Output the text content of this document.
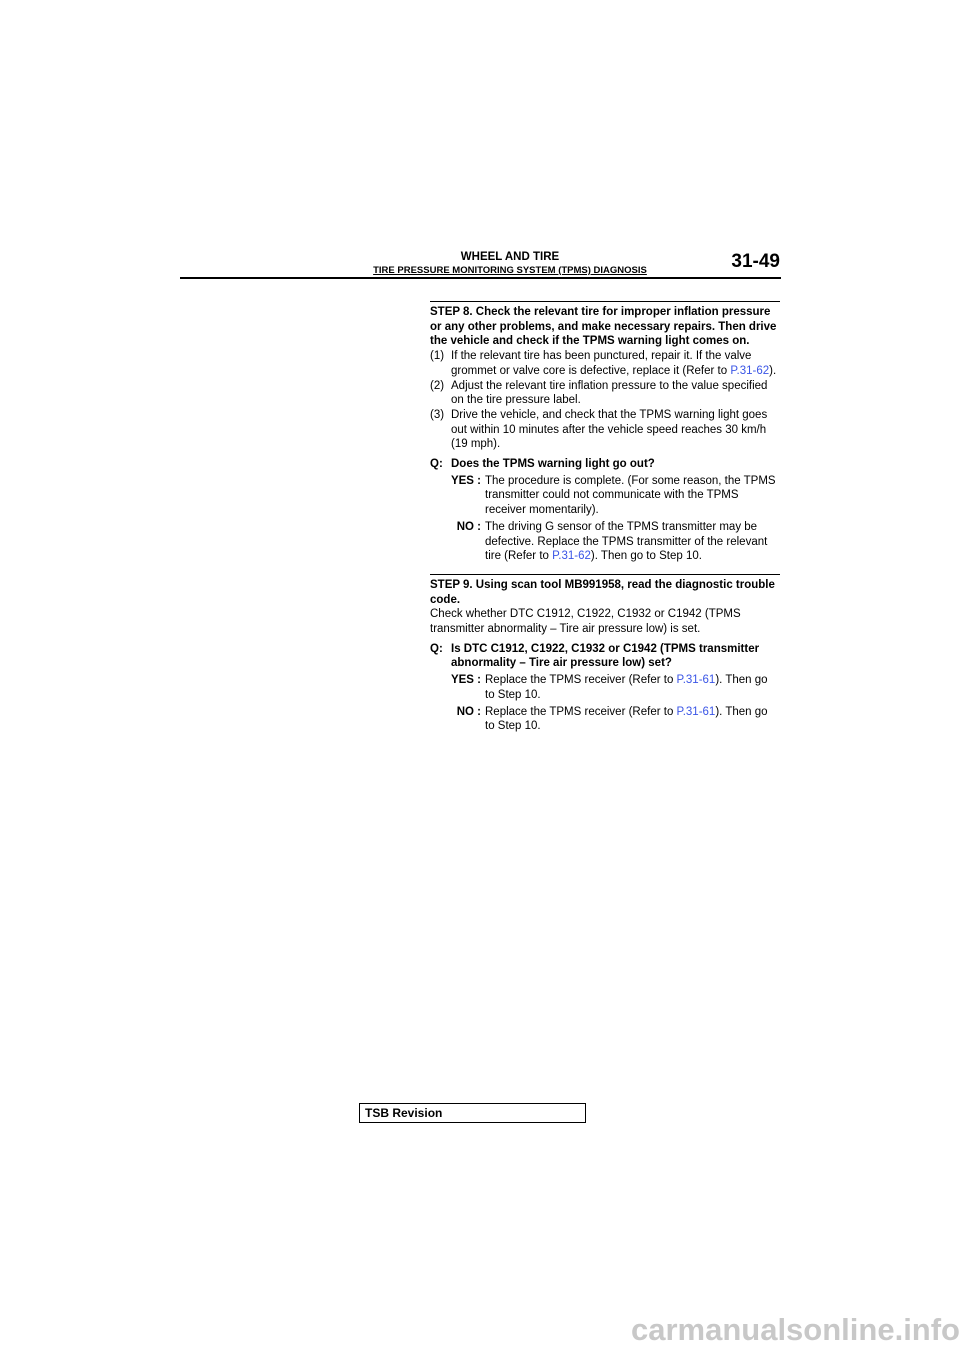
WHEEL AND TIRE
TIRE PRESSURE MONITORING SYSTEM (TPMS) DIAGNOSIS	31-49
STEP 8. Check the relevant tire for improper inflation pressure or any other problems, and make necessary repairs. Then drive the vehicle and check if the TPMS warning light comes on.
(1) If the relevant tire has been punctured, repair it. If the valve grommet or valve core is defective, replace it (Refer to P.31-62).
(2) Adjust the relevant tire inflation pressure to the value specified on the tire pressure label.
(3) Drive the vehicle, and check that the TPMS warning light goes out within 10 minutes after the vehicle speed reaches 30 km/h (19 mph).
Q: Does the TPMS warning light go out?
YES : The procedure is complete. (For some reason, the TPMS transmitter could not communicate with the TPMS receiver momentarily).
NO : The driving G sensor of the TPMS transmitter may be defective. Replace the TPMS transmitter of the relevant tire (Refer to P.31-62). Then go to Step 10.
STEP 9. Using scan tool MB991958, read the diagnostic trouble code.
Check whether DTC C1912, C1922, C1932 or C1942 (TPMS transmitter abnormality – Tire air pressure low) is set.
Q: Is DTC C1912, C1922, C1932 or C1942 (TPMS transmitter abnormality – Tire air pressure low) set?
YES : Replace the TPMS receiver (Refer to P.31-61). Then go to Step 10.
NO : Replace the TPMS receiver (Refer to P.31-61). Then go to Step 10.
TSB Revision
carmanualsonline.info
